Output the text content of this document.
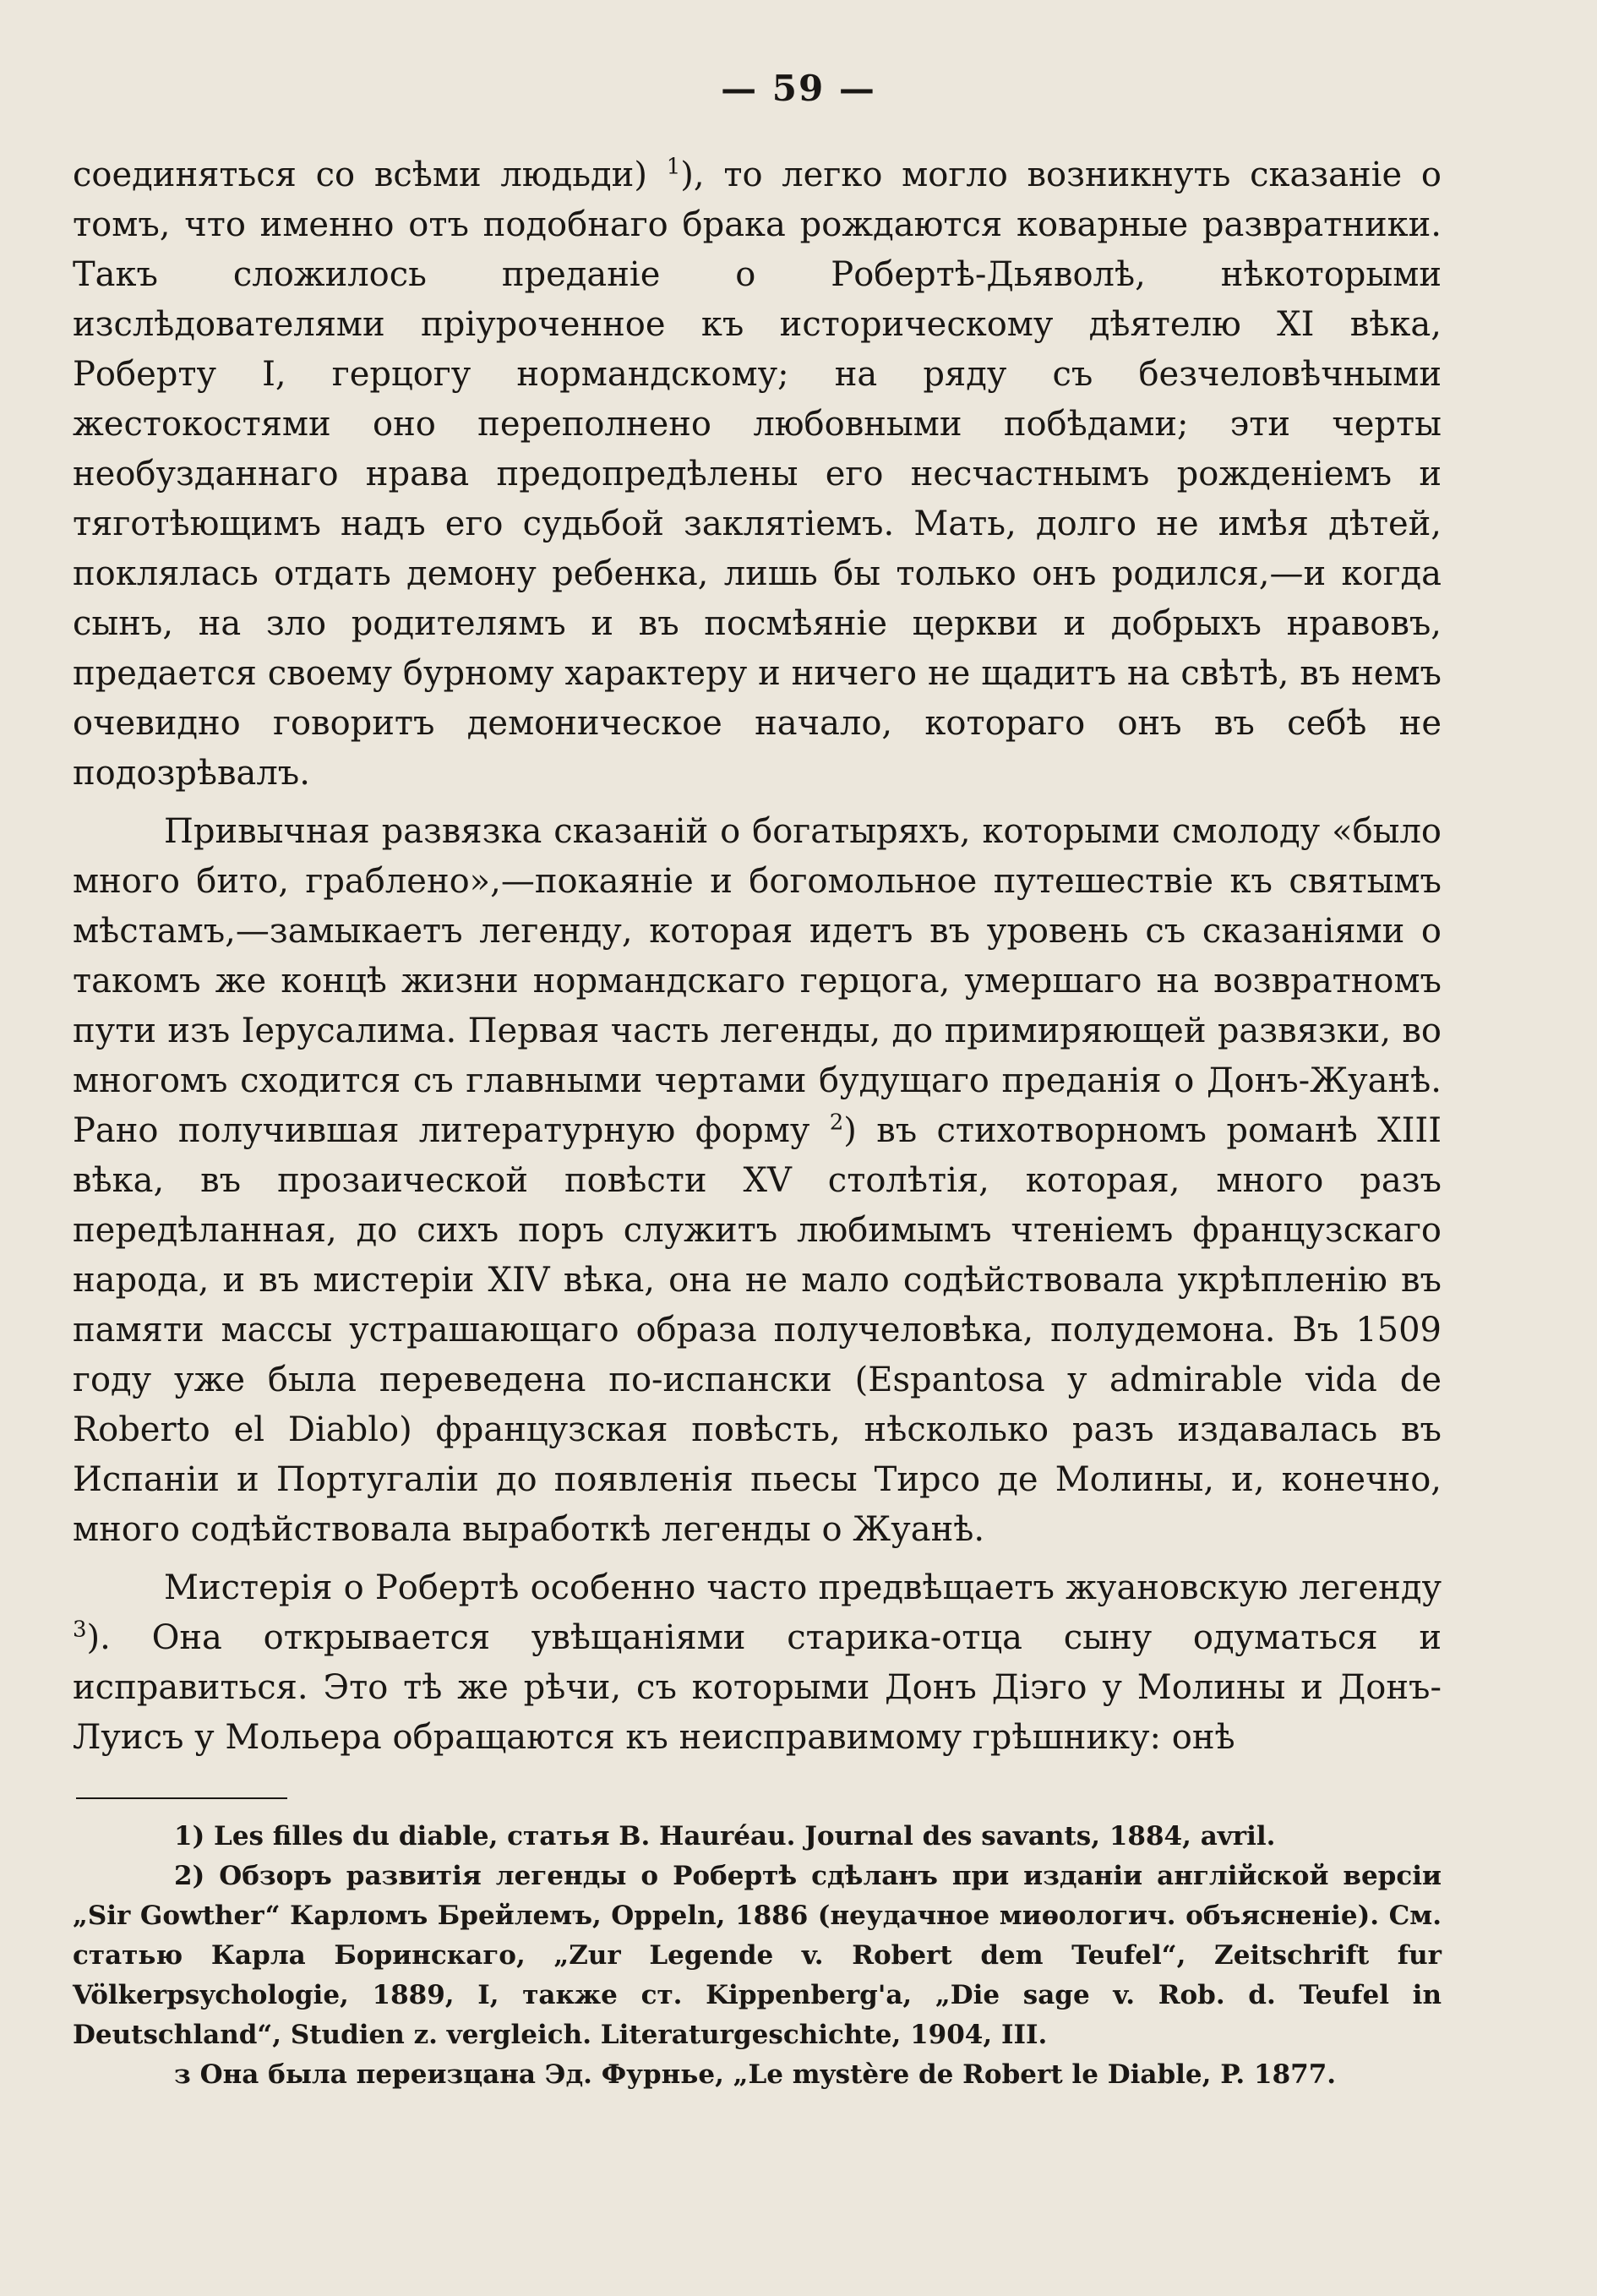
— 59 —

соединяться со всѣми людьди) $^1$), то легко могло возникнуть сказаніе о томъ, что именно отъ подобнаго брака рождаются коварные развратники. Такъ сложилось преданіе о Робертѣ-Дьяволѣ, нѣкоторыми изслѣдователями пріуроченное къ историческому дѣятелю XI вѣка, Роберту I, герцогу нормандскому; на ряду съ безчеловѣчными жестокостями оно переполнено любовными побѣдами; эти черты необузданнаго нрава предопредѣлены его несчастнымъ рожденіемъ и тяготѣющимъ надъ его судьбой заклятіемъ. Мать, долго не имѣя дѣтей, поклялась отдать демону ребенка, лишь бы только онъ родился,—и когда сынъ, на зло родителямъ и въ посмѣяніе церкви и добрыхъ нравовъ, предается своему бурному характеру и ничего не щадитъ на свѣтѣ, въ немъ очевидно говоритъ демоническое начало, котораго онъ въ себѣ не подозрѣвалъ.

Привычная развязка сказаній о богатыряхъ, которыми смолоду «было много бито, граблено»,—покаяніе и богомольное путешествіе къ святымъ мѣстамъ,—замыкаетъ легенду, которая идетъ въ уровень съ сказаніями о такомъ же концѣ жизни нормандскаго герцога, умершаго на возвратномъ пути изъ Іерусалима. Первая часть легенды, до примиряющей развязки, во многомъ сходится съ главными чертами будущаго преданія о Донъ-Жуанѣ. Рано получившая литературную форму $^2$) въ стихотворномъ романѣ XIII вѣка, въ прозаической повѣсти XV столѣтія, которая, много разъ передѣланная, до сихъ поръ служитъ любимымъ чтеніемъ французскаго народа, и въ мистеріи XIV вѣка, она не мало содѣйствовала укрѣпленію въ памяти массы устрашающаго образа получеловѣка, полудемона. Въ 1509 году уже была переведена по-испански (Espantosa y admirable vida de Roberto el Diablo) французская повѣсть, нѣсколько разъ издавалась въ Испаніи и Португаліи до появленія пьесы Тирсо де Молины, и, конечно, много содѣйствовала выработкѣ легенды о Жуанѣ.

Мистерія о Робертѣ особенно часто предвѣщаетъ жуановскую легенду $^3$). Она открывается увѣщаніями старика-отца сыну одуматься и исправиться. Это тѣ же рѣчи, съ которыми Донъ Діэго у Молины и Донъ-Луисъ у Мольера обращаются къ неисправимому грѣшнику: онѣ

1) Les filles du diable, статья B. Hauréau. Journal des savants, 1884, avril.

2) Обзоръ развитія легенды о Робертѣ сдѣланъ при изданіи англійской версіи „Sir Gowther“ Карломъ Брейлемъ, Oppeln, 1886 (неудачное миѳологич. объясненіе). См. статью Карла Боринскаго, „Zur Legende v. Robert dem Teufel“, Zeitschrift fur Völkerpsychologie, 1889, I, также ст. Kippenberg'a, „Die sage v. Rob. d. Teufel in Deutschland“, Studien z. vergleich. Literaturgeschichte, 1904, III.

з Она была переизцана Эд. Фурнье, „Le mystère de Robert le Diable, P. 1877.
